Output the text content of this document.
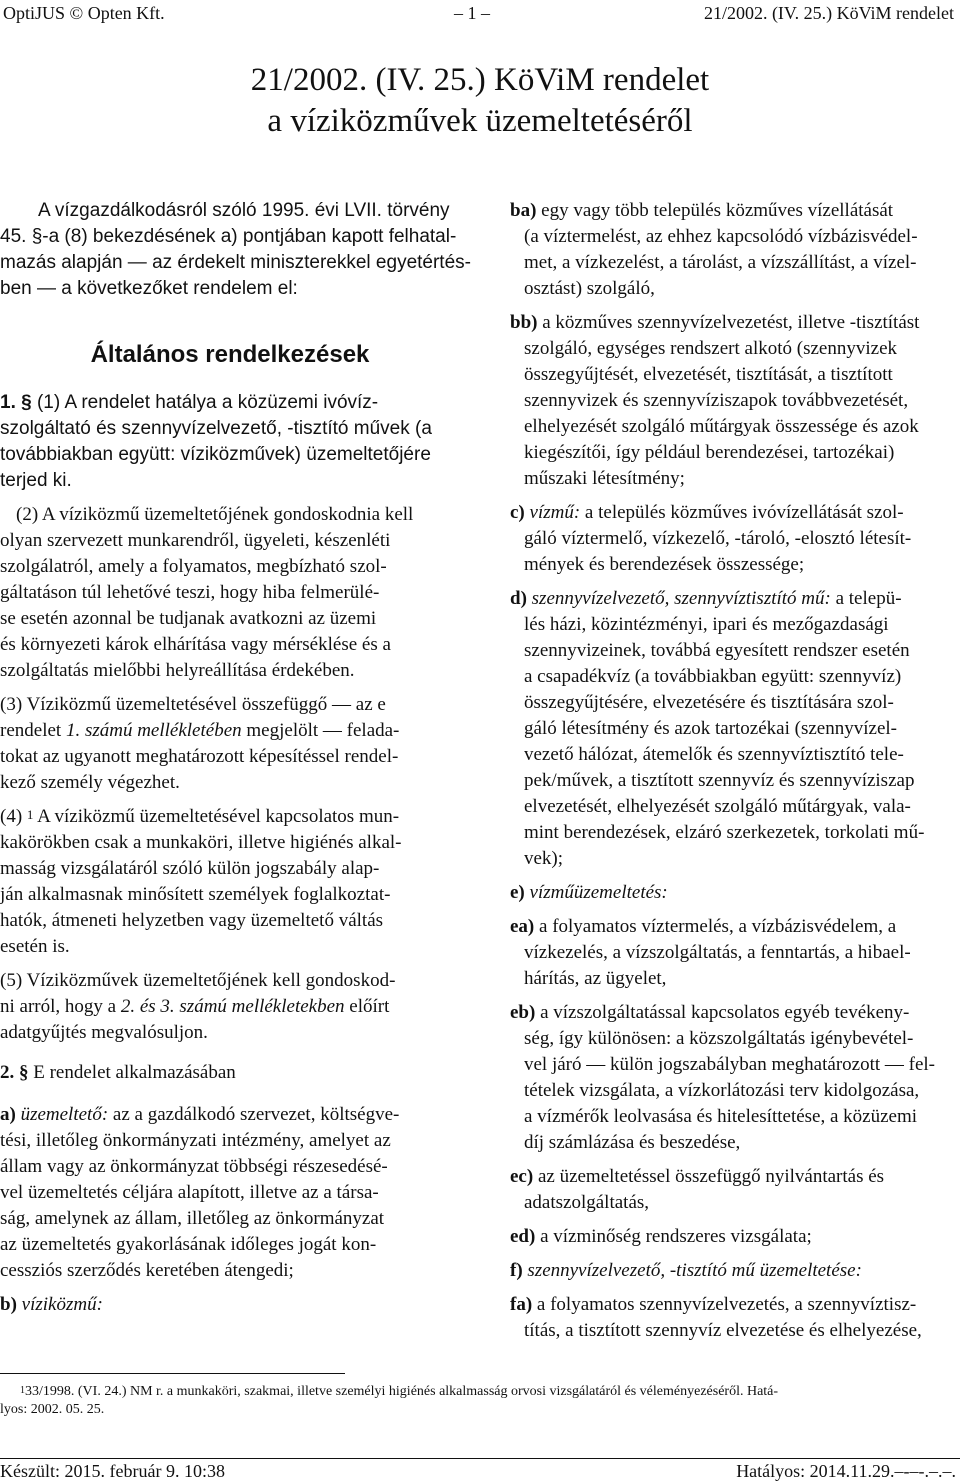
OptiJUS © Opten Kft.	– 1 –	21/2002. (IV. 25.) KöViM rendelet
21/2002. (IV. 25.) KöViM rendelet
a víziközművek üzemeltetéséről
A vízgazdálkodásról szóló 1995. évi LVII. törvény
45. §-a (8) bekezdésének a) pontjában kapott felhatal-
mazás alapján — az érdekelt miniszterekkel egyetértés-
ben — a következőket rendelem el:
Általános rendelkezések
1. § (1) A rendelet hatálya a közüzemi ivóvíz-
szolgáltató és szennyvízelvezető, -tisztító művek (a
továbbiakban együtt: víziközművek) üzemeltetőjére
terjed ki.
(2) A víziközmű üzemeltetőjének gondoskodnia kell
olyan szervezett munkarendről, ügyeleti, készenléti
szolgálatról, amely a folyamatos, megbízható szol-
gáltatáson túl lehetővé teszi, hogy hiba felmerülé-
se esetén azonnal be tudjanak avatkozni az üzemi
és környezeti károk elhárítása vagy mérséklése és a
szolgáltatás mielőbbi helyreállítása érdekében.
(3) Víziközmű üzemeltetésével összefüggő — az e
rendelet 1. számú mellékletében megjelölt — felada-
tokat az ugyanott meghatározott képesítéssel rendel-
kező személy végezhet.
(4) $^1$ A víziközmű üzemeltetésével kapcsolatos mun-
kakörökben csak a munkaköri, illetve higiénés alkal-
masság vizsgálatáról szóló külön jogszabály alap-
ján alkalmasnak minősített személyek foglalkoztat-
hatók, átmeneti helyzetben vagy üzemeltető váltás
esetén is.
(5) Víziközművek üzemeltetőjének kell gondoskod-
ni arról, hogy a 2. és 3. számú mellékletekben előírt
adatgyűjtés megvalósuljon.
2. § E rendelet alkalmazásában
a) üzemeltető: az a gazdálkodó szervezet, költségve-
tési, illetőleg önkormányzati intézmény, amelyet az
állam vagy az önkormányzat többségi részesedésé-
vel üzemeltetés céljára alapított, illetve az a társa-
ság, amelynek az állam, illetőleg az önkormányzat
az üzemeltetés gyakorlásának időleges jogát kon-
cessziós szerződés keretében átengedi;
b) víziközmű:
ba) egy vagy több település közműves vízellátását
(a víztermelést, az ehhez kapcsolódó vízbázisvédel-
met, a vízkezelést, a tárolást, a vízszállítást, a vízel-
osztást) szolgáló,
bb) a közműves szennyvízelvezetést, illetve -tisztítást
szolgáló, egységes rendszert alkotó (szennyvizek
összegyűjtését, elvezetését, tisztítását, a tisztított
szennyvizek és szennyvíziszapok továbbvezetését,
elhelyezését szolgáló műtárgyak összessége és azok
kiegészítői, így például berendezései, tartozékai)
műszaki létesítmény;
c) vízmű: a település közműves ivóvízellátását szol-
gáló víztermelő, vízkezelő, -tároló, -elosztó létesít-
mények és berendezések összessége;
d) szennyvízelvezető, szennyvíztisztító mű: a telepü-
lés házi, közintézményi, ipari és mezőgazdasági
szennyvizeinek, továbbá egyesített rendszer esetén
a csapadékvíz (a továbbiakban együtt: szennyvíz)
összegyűjtésére, elvezetésére és tisztítására szol-
gáló létesítmény és azok tartozékai (szennyvízel-
vezető hálózat, átemelők és szennyvíztisztító tele-
pek/művek, a tisztított szennyvíz és szennyvíziszap
elvezetését, elhelyezését szolgáló műtárgyak, vala-
mint berendezések, elzáró szerkezetek, torkolati mű-
vek);
e) vízműüzemeltetés:
ea) a folyamatos víztermelés, a vízbázisvédelem, a
vízkezelés, a vízszolgáltatás, a fenntartás, a hibael-
hárítás, az ügyelet,
eb) a vízszolgáltatással kapcsolatos egyéb tevékeny-
ség, így különösen: a közszolgáltatás igénybevétel-
vel járó — külön jogszabályban meghatározott — fel-
tételek vizsgálata, a vízkorlátozási terv kidolgozása,
a vízmérők leolvasása és hitelesíttetése, a közüzemi
díj számlázása és beszedése,
ec) az üzemeltetéssel összefüggő nyilvántartás és
adatszolgáltatás,
ed) a vízminőség rendszeres vizsgálata;
f) szennyvízelvezető, -tisztító mű üzemeltetése:
fa) a folyamatos szennyvízelvezetés, a szennyvíztisz-
títás, a tisztított szennyvíz elvezetése és elhelyezése,
$^1$33/1998. (VI. 24.) NM r. a munkaköri, szakmai, illetve személyi higiénés alkalmasság orvosi vizsgálatáról és véleményezéséről. Hatá-
lyos: 2002. 05. 25.
Készült: 2015. február 9. 10:38	Hatályos: 2014.11.29.–-–-.–.–.
